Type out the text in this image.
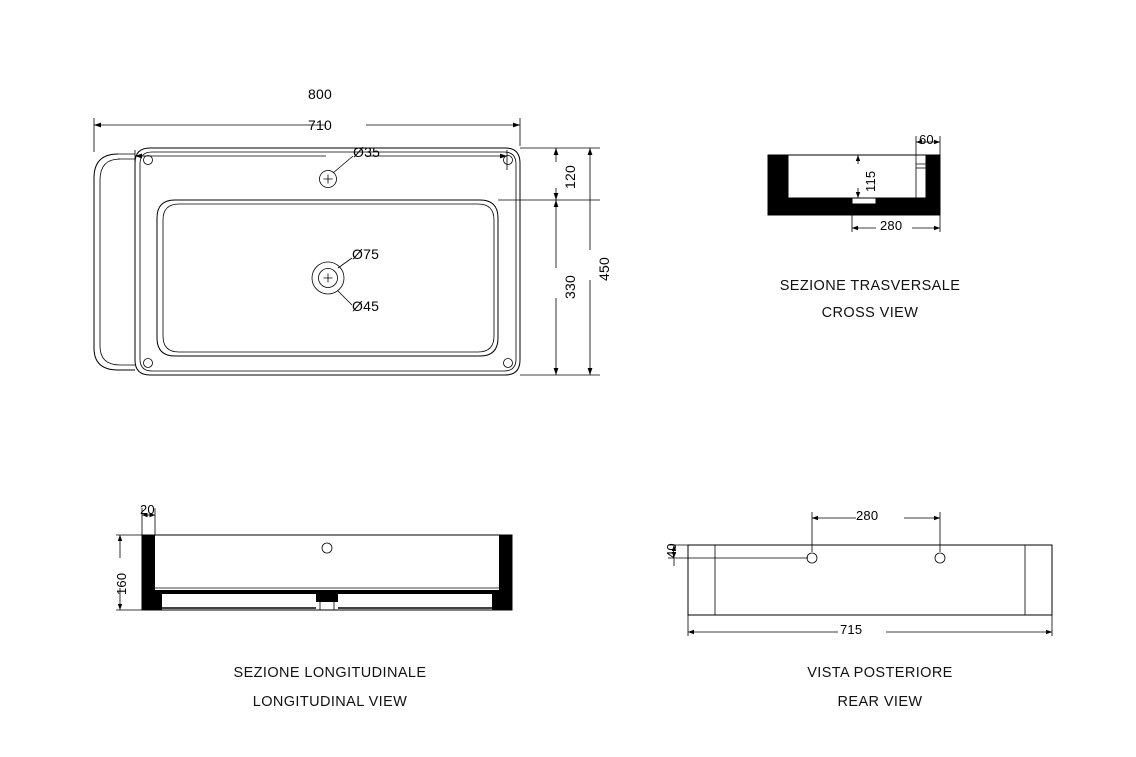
800
710
Ø35
Ø75
Ø45
120
330
450
60
115
280
SEZIONE TRASVERSALE
CROSS VIEW
20
160
SEZIONE LONGITUDINALE
LONGITUDINAL VIEW
280
40
715
VISTA POSTERIORE
REAR VIEW
